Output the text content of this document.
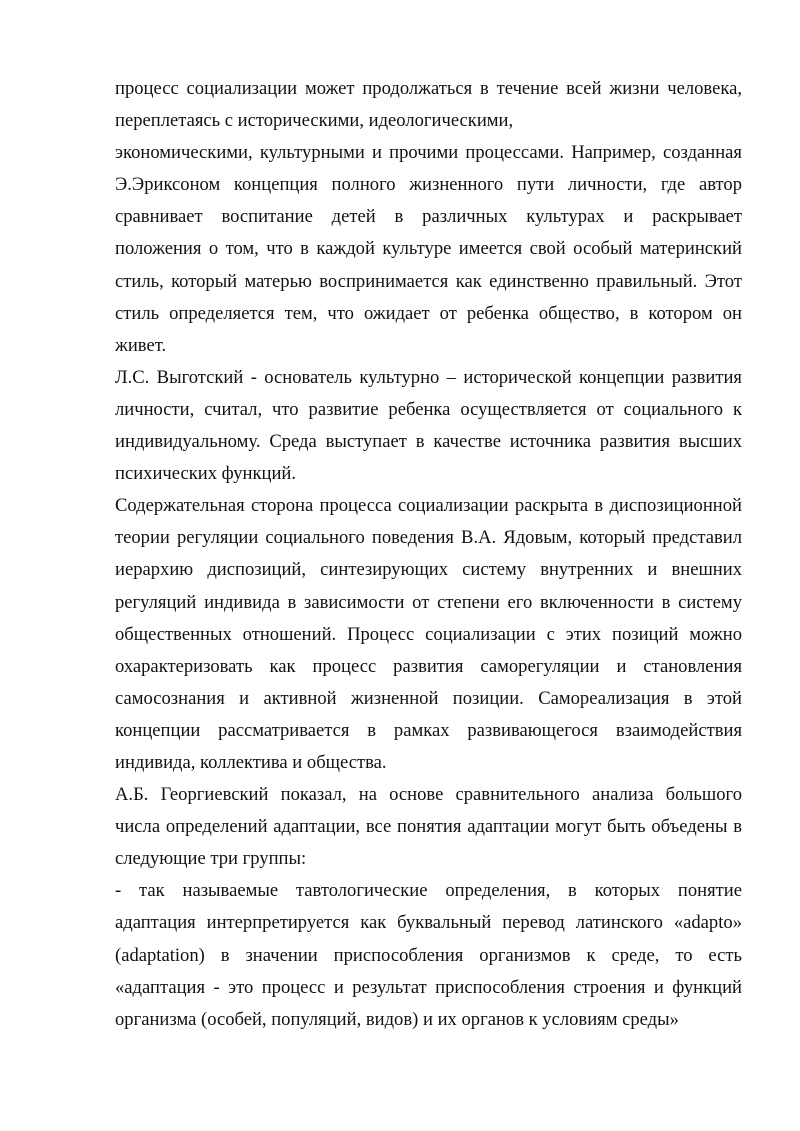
процесс социализации может продолжаться в течение всей жизни человека,
переплетаясь с историческими, идеологическими,
экономическими, культурными и прочими процессами. Например, созданная
Э.Эриксоном концепция полного жизненного пути личности, где автор
сравнивает воспитание детей в различных культурах и раскрывает
положения о том, что в каждой культуре имеется свой особый материнский
стиль, который матерью воспринимается как единственно правильный. Этот
стиль определяется тем, что ожидает от ребенка общество, в котором он
живет.
Л.С. Выготский - основатель культурно – исторической концепции развития
личности, считал, что развитие ребенка осуществляется от социального к
индивидуальному. Среда выступает в качестве источника развития высших
психических функций.
Содержательная сторона процесса социализации раскрыта в диспозиционной
теории регуляции социального поведения В.А. Ядовым, который представил
иерархию диспозиций, синтезирующих систему внутренних и внешних
регуляций индивида в зависимости от степени его включенности в систему
общественных отношений. Процесс социализации с этих позиций можно
охарактеризовать как процесс развития саморегуляции и становления
самосознания и активной жизненной позиции. Самореализация в этой
концепции рассматривается в рамках развивающегося взаимодействия
индивида, коллектива и общества.
А.Б. Георгиевский показал, на основе сравнительного анализа большого
числа определений адаптации, все понятия адаптации могут быть объедены в
следующие три группы:
- так называемые тавтологические определения, в которых понятие
адаптация интерпретируется как буквальный перевод латинского «adapto»
(adaptation) в значении приспособления организмов к среде, то есть
«адаптация - это процесс и результат приспособления строения и функций
организма (особей, популяций, видов) и их органов к условиям среды»
